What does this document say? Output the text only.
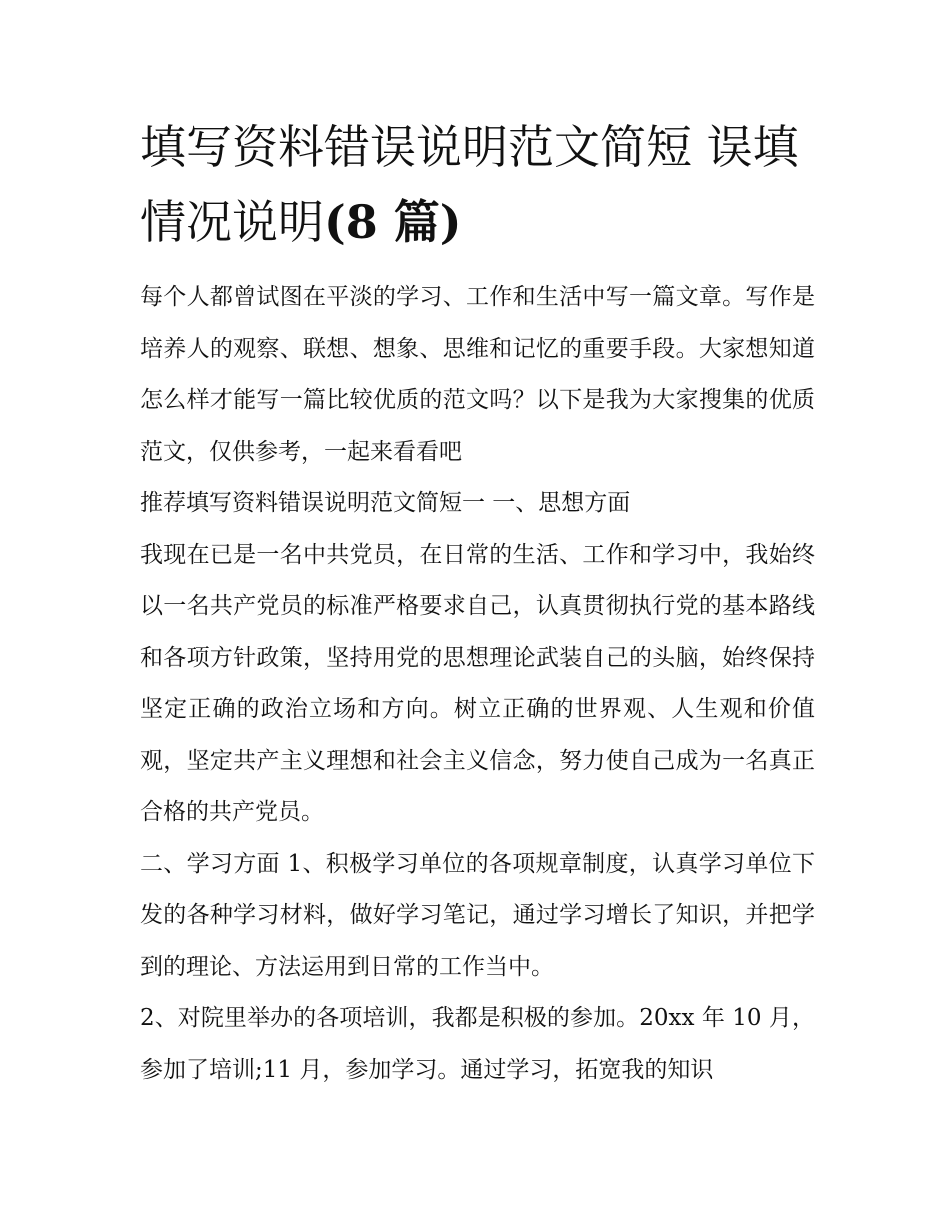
填写资料错误说明范文简短 误填情况说明(8 篇)

每个人都曾试图在平淡的学习、工作和生活中写一篇文章。写作是培养人的观察、联想、想象、思维和记忆的重要手段。大家想知道怎么样才能写一篇比较优质的范文吗？以下是我为大家搜集的优质范文，仅供参考，一起来看看吧

推荐填写资料错误说明范文简短一 一、思想方面

我现在已是一名中共党员，在日常的生活、工作和学习中，我始终以一名共产党员的标准严格要求自己，认真贯彻执行党的基本路线和各项方针政策，坚持用党的思想理论武装自己的头脑，始终保持坚定正确的政治立场和方向。树立正确的世界观、人生观和价值观，坚定共产主义理想和社会主义信念，努力使自己成为一名真正合格的共产党员。

二、学习方面 1、积极学习单位的各项规章制度，认真学习单位下发的各种学习材料，做好学习笔记，通过学习增长了知识，并把学到的理论、方法运用到日常的工作当中。

2、对院里举办的各项培训，我都是积极的参加。20xx 年 10 月，参加了培训;11 月，参加学习。通过学习，拓宽我的知识
